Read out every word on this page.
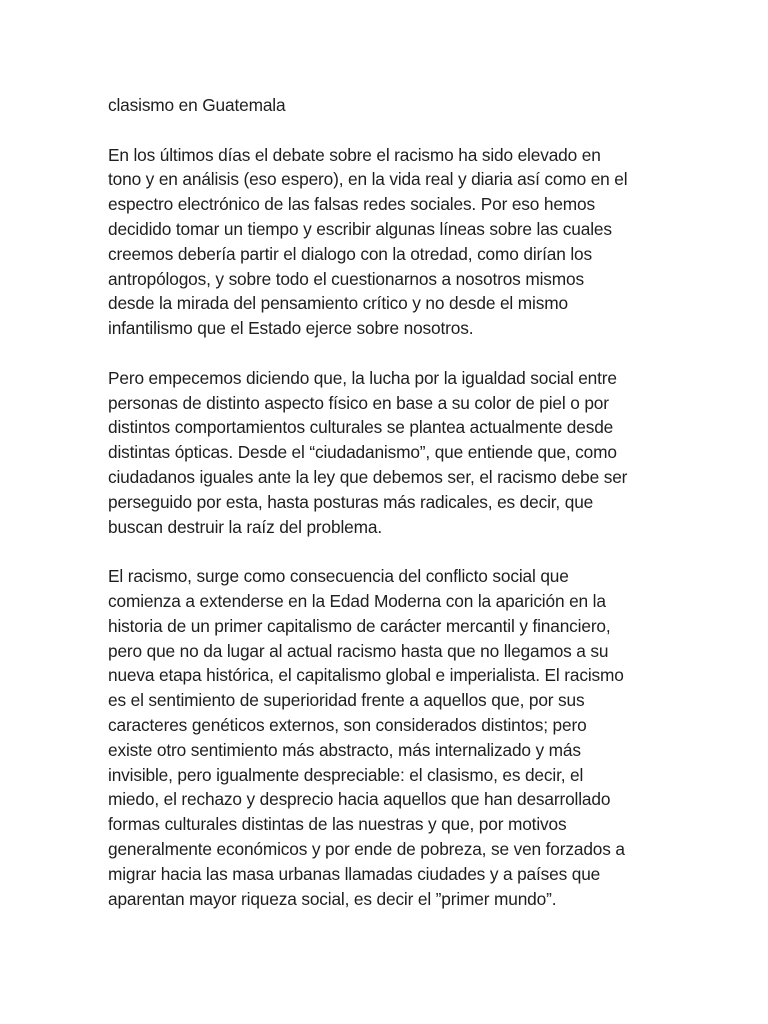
clasismo en Guatemala
En los últimos días el debate sobre el racismo ha sido elevado en
tono y en análisis (eso espero), en la vida real y diaria así como en el
espectro electrónico de las falsas redes sociales. Por eso hemos
decidido tomar un tiempo y escribir algunas líneas sobre las cuales
creemos debería partir el dialogo con la otredad, como dirían los
antropólogos, y sobre todo el cuestionarnos a nosotros mismos
desde la mirada del pensamiento crítico y no desde el mismo
infantilismo que el Estado ejerce sobre nosotros.
Pero empecemos diciendo que, la lucha por la igualdad social entre
personas de distinto aspecto físico en base a su color de piel o por
distintos comportamientos culturales se plantea actualmente desde
distintas ópticas. Desde el “ciudadanismo”, que entiende que, como
ciudadanos iguales ante la ley que debemos ser, el racismo debe ser
perseguido por esta, hasta posturas más radicales, es decir, que
buscan destruir la raíz del problema.
El racismo, surge como consecuencia del conflicto social que
comienza a extenderse en la Edad Moderna con la aparición en la
historia de un primer capitalismo de carácter mercantil y financiero,
pero que no da lugar al actual racismo hasta que no llegamos a su
nueva etapa histórica, el capitalismo global e imperialista. El racismo
es el sentimiento de superioridad frente a aquellos que, por sus
caracteres genéticos externos, son considerados distintos; pero
existe otro sentimiento más abstracto, más internalizado y más
invisible, pero igualmente despreciable: el clasismo, es decir, el
miedo, el rechazo y desprecio hacia aquellos que han desarrollado
formas culturales distintas de las nuestras y que, por motivos
generalmente económicos y por ende de pobreza, se ven forzados a
migrar hacia las masa urbanas llamadas ciudades y a países que
aparentan mayor riqueza social, es decir el ”primer mundo”.
